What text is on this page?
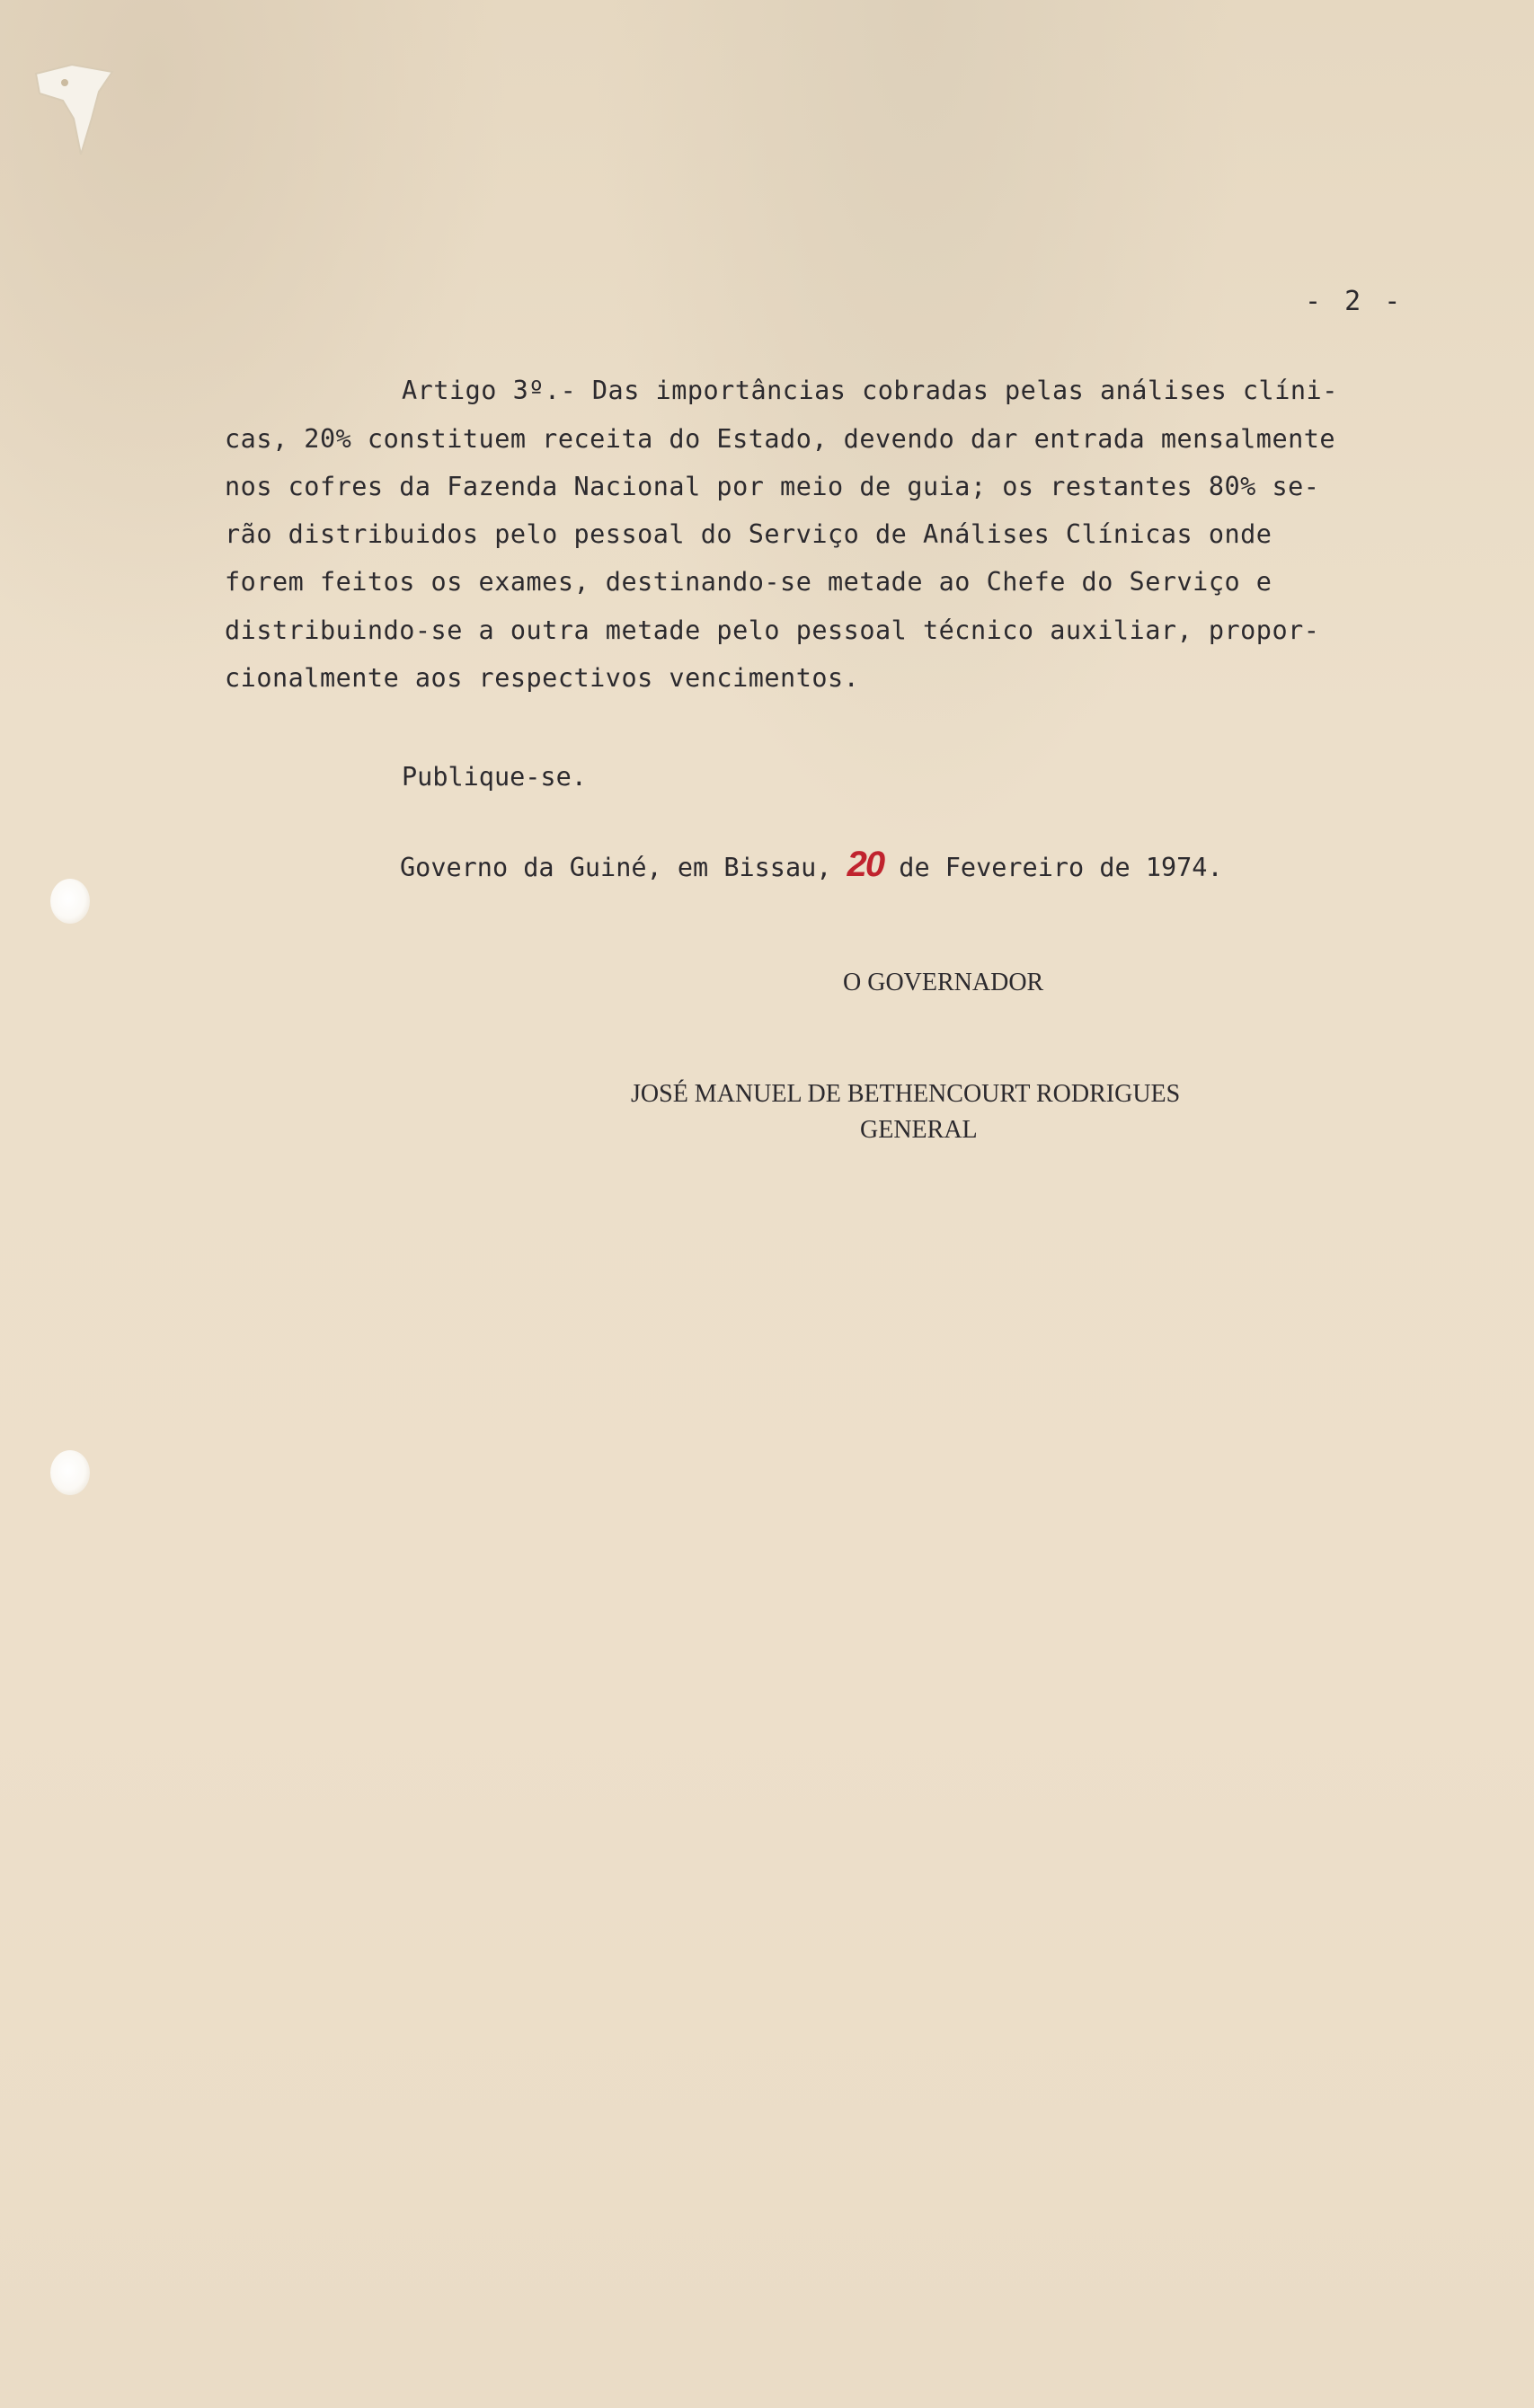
- 2 -
Artigo 3º.- Das importâncias cobradas pelas análises clíni-
cas, 20% constituem receita do Estado, devendo dar entrada mensalmente
nos cofres da Fazenda Nacional por meio de guia; os restantes 80% se-
rão distribuidos pelo pessoal do Serviço de Análises Clínicas onde
forem feitos os exames, destinando-se metade ao Chefe do Serviço e
distribuindo-se a outra metade pelo pessoal técnico auxiliar, propor-
cionalmente aos respectivos vencimentos.
Publique-se.
Governo da Guiné, em Bissau, 20 de Fevereiro de 1974.
O GOVERNADOR
JOSÉ MANUEL DE BETHENCOURT RODRIGUES
GENERAL
